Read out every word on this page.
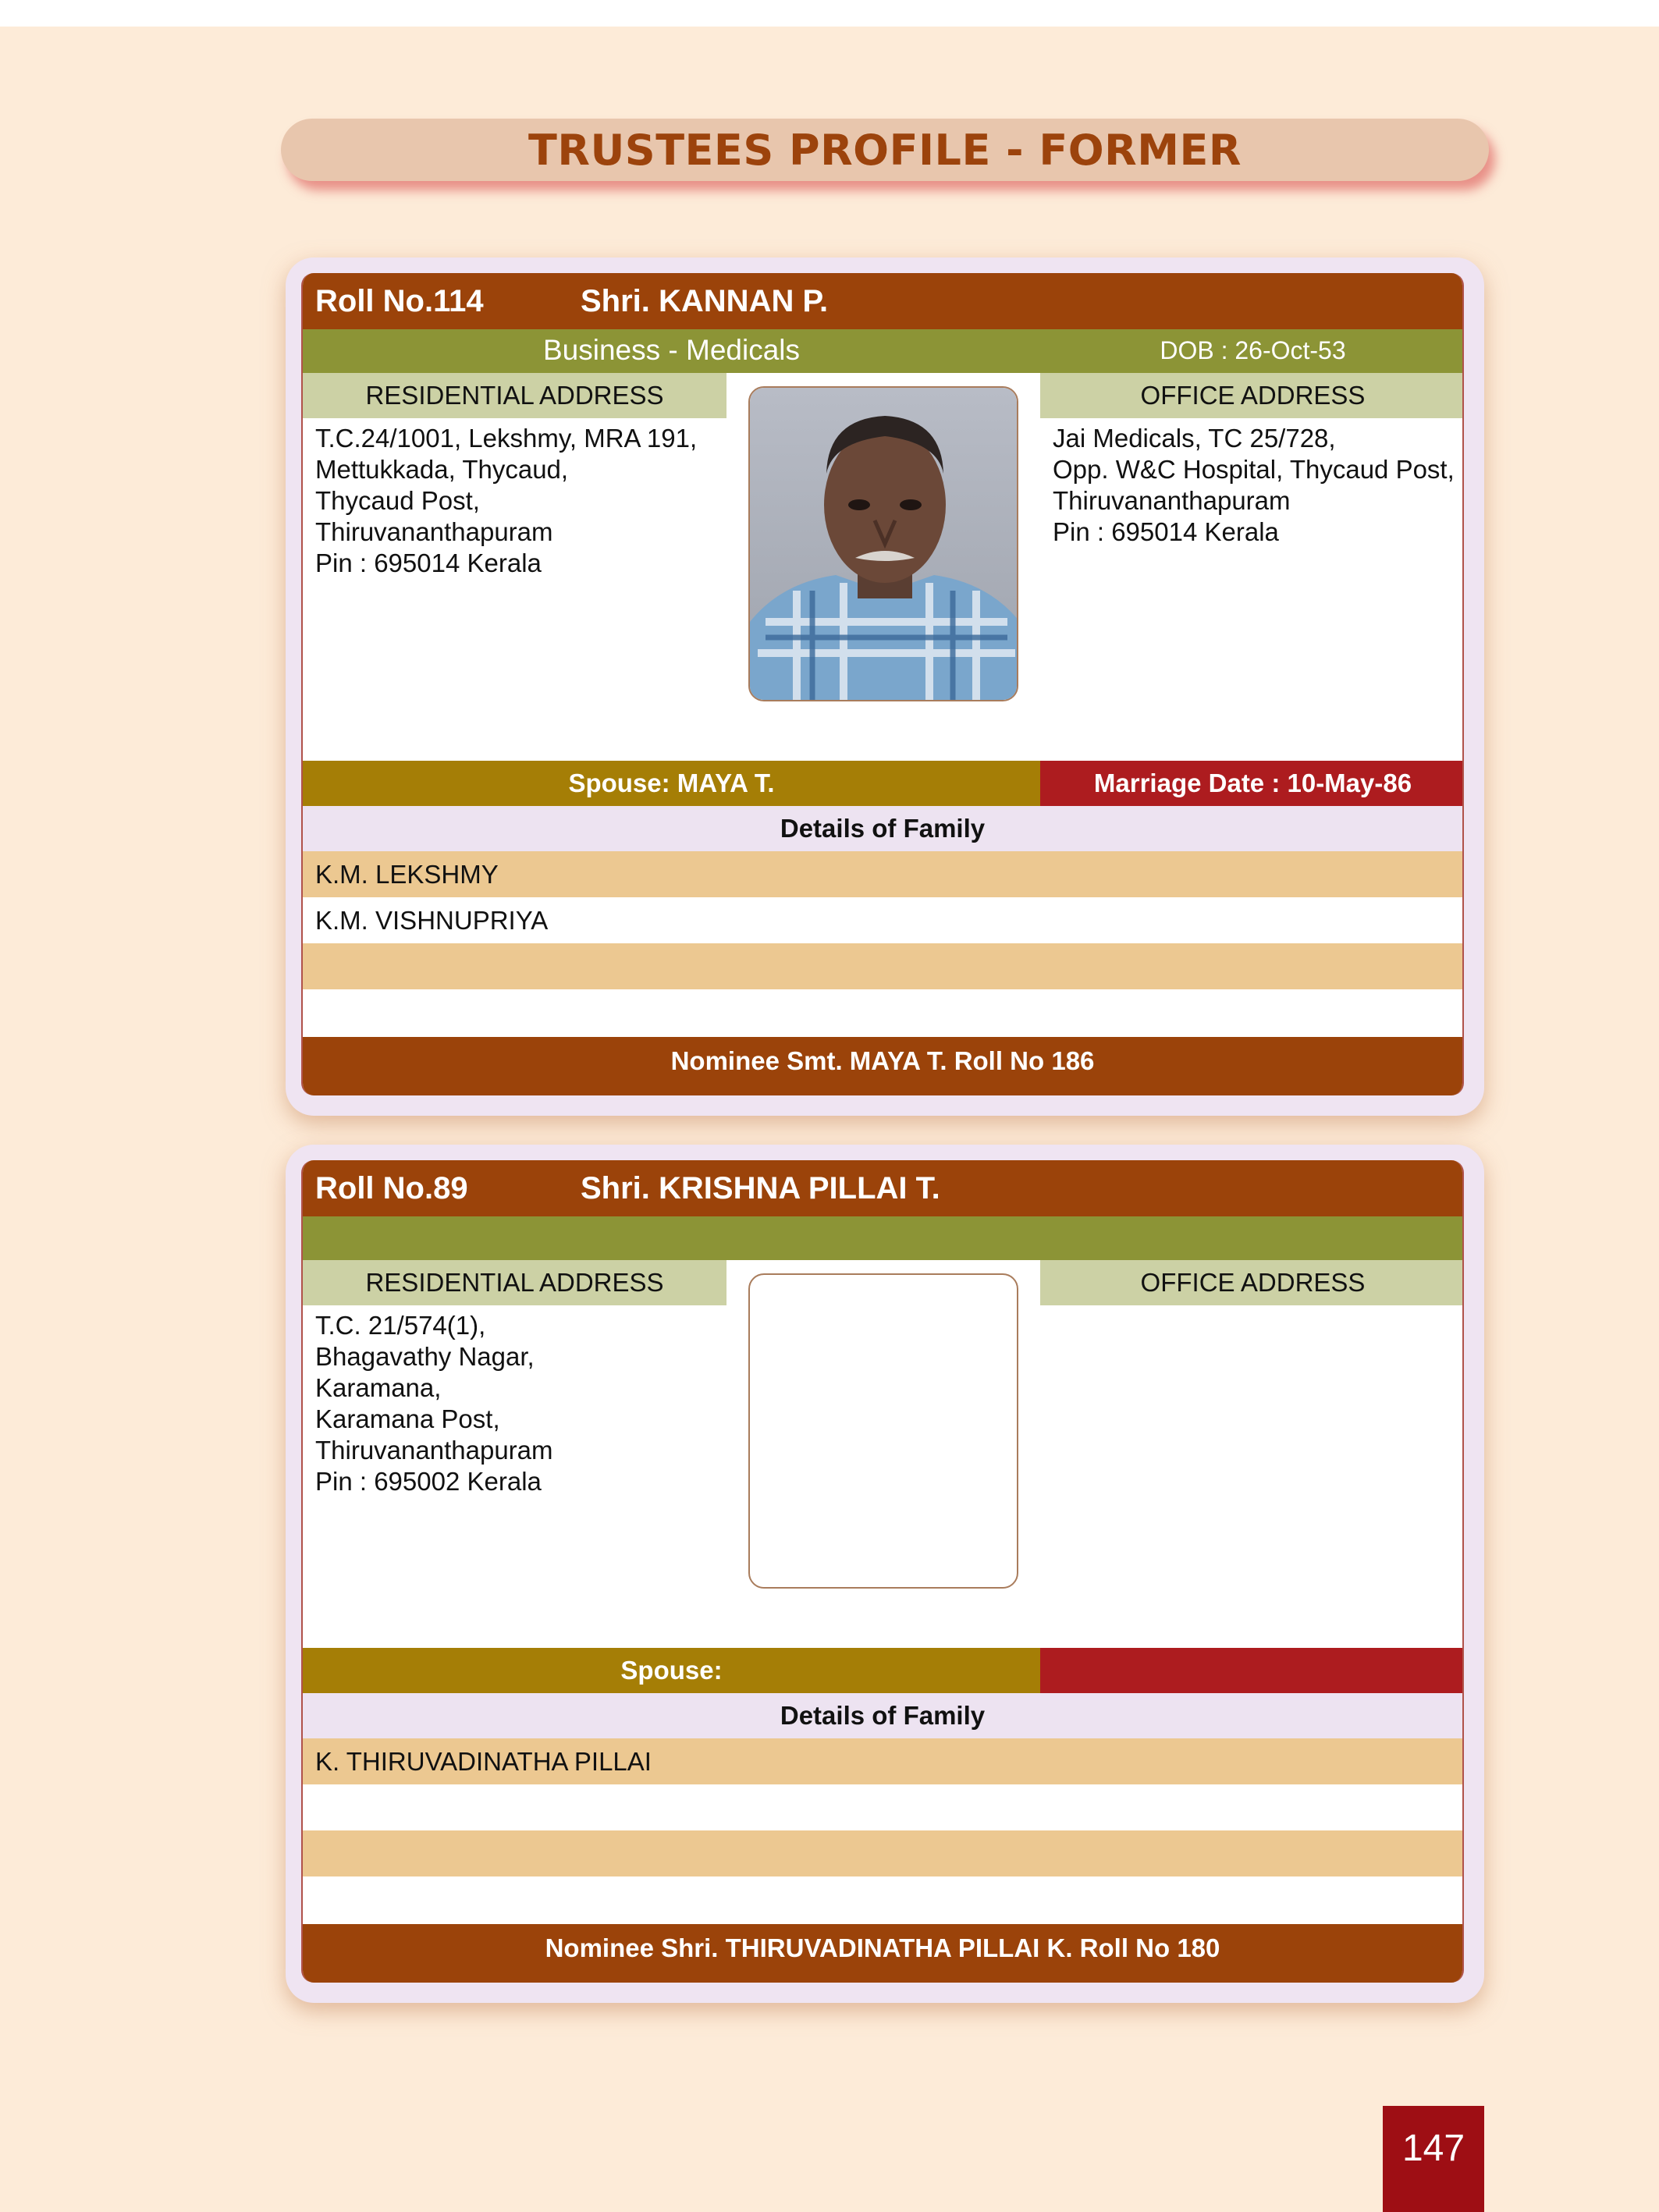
TRUSTEES PROFILE - FORMER
Roll No.114	Shri. KANNAN P.
Business - Medicals	DOB : 26-Oct-53
RESIDENTIAL ADDRESS	OFFICE ADDRESS
T.C.24/1001, Lekshmy, MRA 191,
Mettukkada, Thycaud,
Thycaud Post,
Thiruvananthapuram
Pin : 695014 Kerala
Jai Medicals, TC 25/728,
Opp. W&C Hospital, Thycaud Post,
Thiruvananthapuram
Pin : 695014 Kerala
Spouse: MAYA T.	Marriage Date : 10-May-86
Details of Family
K.M. LEKSHMY
K.M. VISHNUPRIYA
Nominee Smt. MAYA T. Roll No 186
Roll No.89	Shri. KRISHNA PILLAI T.
RESIDENTIAL ADDRESS	OFFICE ADDRESS
T.C. 21/574(1),
Bhagavathy Nagar,
Karamana,
Karamana Post,
Thiruvananthapuram
Pin : 695002 Kerala
Spouse:
Details of Family
K. THIRUVADINATHA PILLAI
Nominee Shri. THIRUVADINATHA PILLAI K. Roll No 180
147
